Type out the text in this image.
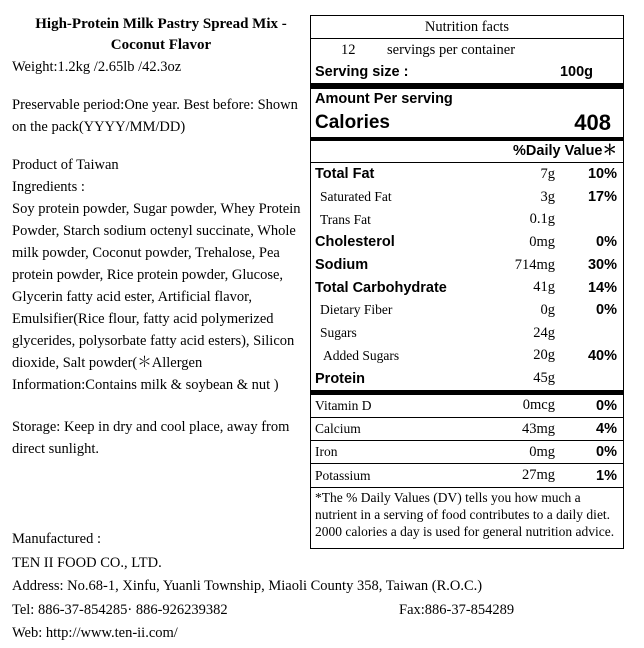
High-Protein Milk Pastry Spread Mix -
Coconut Flavor

Weight:1.2kg /2.65lb /42.3oz

Preservable period:One year. Best before: Shown on the pack(YYYY/MM/DD)

Product of Taiwan

Ingredients :

Soy protein powder, Sugar powder, Whey Protein Powder, Starch sodium octenyl succinate, Whole milk powder, Coconut powder, Trehalose, Pea protein powder, Rice protein powder, Glucose, Glycerin fatty acid ester, Artificial flavor, Emulsifier(Rice flour, fatty acid polymerized glycerides, polysorbate fatty acid esters), Silicon dioxide, Salt powder(＊Allergen Information:Contains milk & soybean & nut )

Storage: Keep in dry and cool place, away from direct sunlight.

Nutrition facts
12 servings per container
Serving size :	100g
Amount Per serving
Calories	408
%Daily Value＊
Total Fat	7g	10%
Saturated Fat	3g	17%
Trans Fat	0.1g
Cholesterol	0mg	0%
Sodium	714mg	30%
Total Carbohydrate	41g	14%
Dietary Fiber	0g	0%
Sugars	24g
Added Sugars	20g	40%
Protein	45g
Vitamin D	0mcg	0%
Calcium	43mg	4%
Iron	0mg	0%
Potassium	27mg	1%
*The % Daily Values (DV) tells you how much a nutrient in a serving of food contributes to a daily diet. 2000 calories a day is used for general nutrition advice.
Manufactured :
TEN II FOOD CO., LTD.
Address: No.68-1, Xinfu, Yuanli Township, Miaoli County 358, Taiwan (R.O.C.)
Tel: 886-37-854285· 886-926239382	Fax:886-37-854289
Web: http://www.ten-ii.com/
